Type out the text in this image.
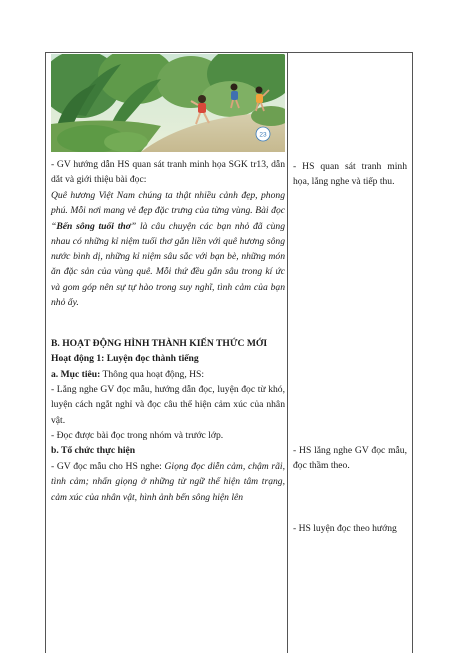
23
- GV hướng dẫn HS quan sát tranh minh họa SGK tr13, dẫn dắt và giới thiệu bài đọc:
Quê hương Việt Nam chúng ta thật nhiều cảnh đẹp, phong phú. Mỗi nơi mang vẻ đẹp đặc trưng của từng vùng. Bài đọc “Bến sông tuổi thơ” là câu chuyện các bạn nhỏ đã cùng nhau có những kỉ niệm tuổi thơ gắn liền với quê hương sông nước bình dị, những kỉ niệm sâu sắc với bạn bè, những món ăn đặc sản của vùng quê. Mỗi thứ đều gắn sâu trong kí ức và gom góp nên sự tự hào trong suy nghĩ, tình cảm của bạn nhỏ ấy.
B. HOẠT ĐỘNG HÌNH THÀNH KIẾN THỨC MỚI
Hoạt động 1: Luyện đọc thành tiếng
a. Mục tiêu: Thông qua hoạt động, HS:
- Lắng nghe GV đọc mẫu, hướng dẫn đọc, luyện đọc từ khó, luyện cách ngắt nghỉ và đọc câu thể hiện cảm xúc của nhân vật.
- Đọc được bài đọc trong nhóm và trước lớp.
b. Tổ chức thực hiện
- GV đọc mẫu cho HS nghe: Giọng đọc diễn cảm, chậm rãi, tình cảm; nhấn giọng ở những từ ngữ thể hiện tâm trạng, cảm xúc của nhân vật, hình ảnh bến sông hiện lên
- HS quan sát tranh minh họa, lắng nghe và tiếp thu.
- HS lắng nghe GV đọc mẫu, đọc thầm theo.
- HS luyện đọc theo hướng
